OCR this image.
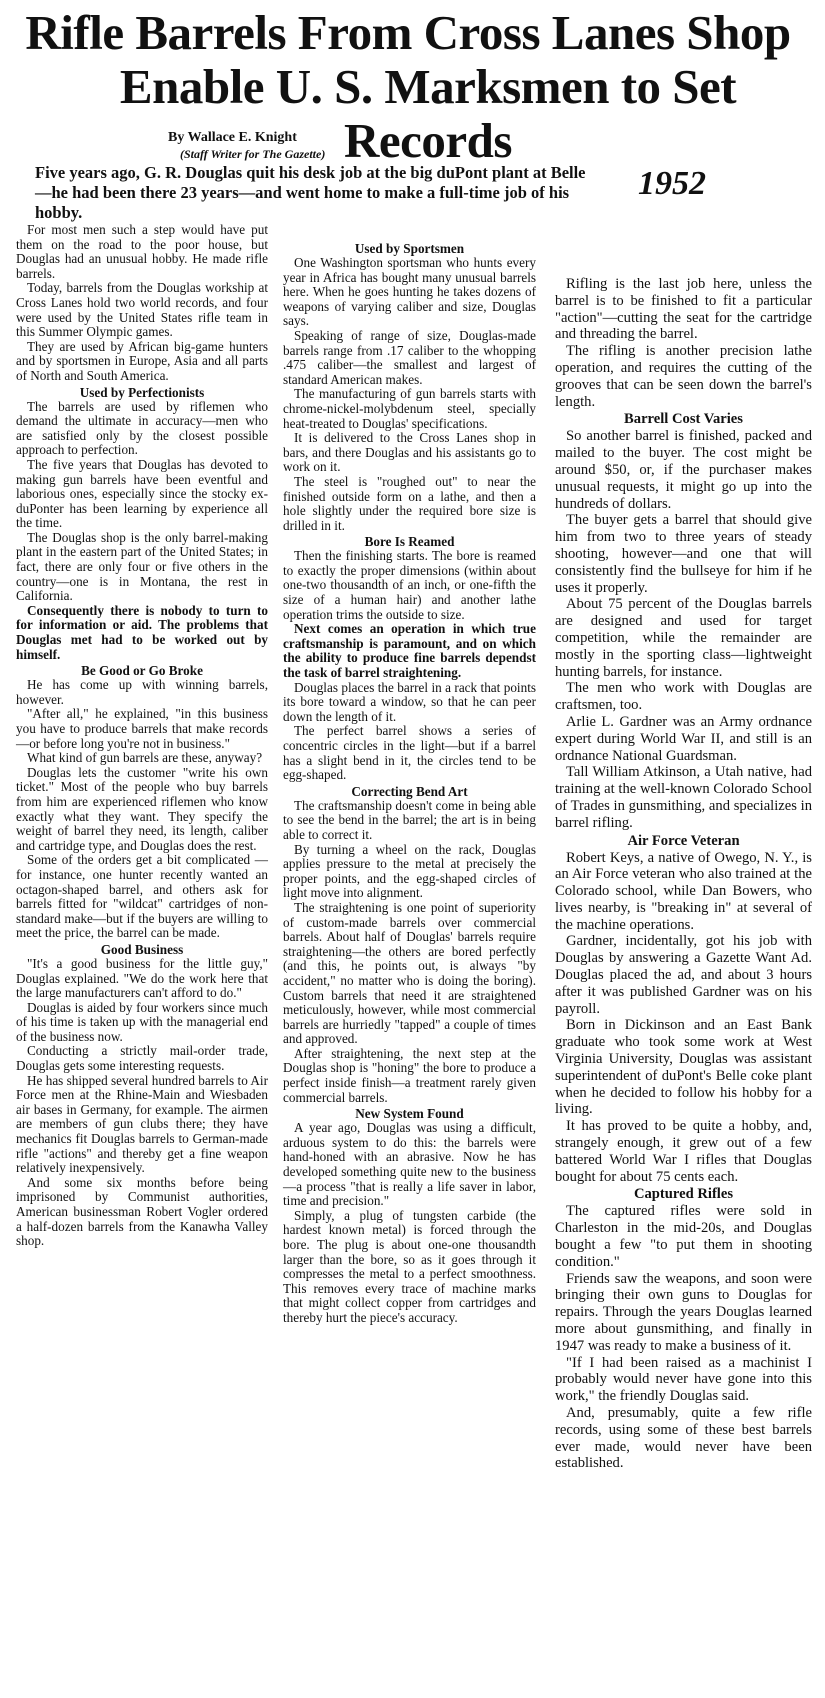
Rifle Barrels From Cross Lanes Shop

Enable U. S. Marksmen to Set Records
By Wallace E. Knight
(Staff Writer for The Gazette)
Five years ago, G. R. Douglas quit his desk job at the big duPont plant at Belle—he had been there 23 years—and went home to make a full-time job of his hobby.
1952

For most men such a step would have put them on the road to the poor house, but Douglas had an unusual hobby. He made rifle barrels.

Today, barrels from the Douglas workship at Cross Lanes hold two world records, and four were used by the United States rifle team in this Summer Olympic games.

They are used by African big-game hunters and by sportsmen in Europe, Asia and all parts of North and South America.

Used by Perfectionists

The barrels are used by riflemen who demand the ultimate in accuracy—men who are satisfied only by the closest possible approach to perfection.

The five years that Douglas has devoted to making gun barrels have been eventful and laborious ones, especially since the stocky ex-duPonter has been learning by experience all the time.

The Douglas shop is the only barrel-making plant in the eastern part of the United States; in fact, there are only four or five others in the country—one is in Montana, the rest in California.

Consequently there is nobody to turn to for information or aid. The problems that Douglas met had to be worked out by himself.

Be Good or Go Broke

He has come up with winning barrels, however.

"After all," he explained, "in this business you have to produce barrels that make records—or before long you're not in business."

What kind of gun barrels are these, anyway?

Douglas lets the customer "write his own ticket." Most of the people who buy barrels from him are experienced riflemen who know exactly what they want. They specify the weight of barrel they need, its length, caliber and cartridge type, and Douglas does the rest.

Some of the orders get a bit complicated — for instance, one hunter recently wanted an octagon-shaped barrel, and others ask for barrels fitted for "wildcat" cartridges of non-standard make—but if the buyers are willing to meet the price, the barrel can be made.

Good Business

"It's a good business for the little guy," Douglas explained. "We do the work here that the large manufacturers can't afford to do."

Douglas is aided by four workers since much of his time is taken up with the managerial end of the business now.

Conducting a strictly mail-order trade, Douglas gets some interesting requests.

He has shipped several hundred barrels to Air Force men at the Rhine-Main and Wiesbaden air bases in Germany, for example. The airmen are members of gun clubs there; they have mechanics fit Douglas barrels to German-made rifle "actions" and thereby get a fine weapon relatively inexpensively.

And some six months before being imprisoned by Communist authorities, American businessman Robert Vogler ordered a half-dozen barrels from the Kanawha Valley shop.

Used by Sportsmen

One Washington sportsman who hunts every year in Africa has bought many unusual barrels here. When he goes hunting he takes dozens of weapons of varying caliber and size, Douglas says.

Speaking of range of size, Douglas-made barrels range from .17 caliber to the whopping .475 caliber—the smallest and largest of standard American makes.

The manufacturing of gun barrels starts with chrome-nickel-molybdenum steel, specially heat-treated to Douglas' specifications.

It is delivered to the Cross Lanes shop in bars, and there Douglas and his assistants go to work on it.

The steel is "roughed out" to near the finished outside form on a lathe, and then a hole slightly under the required bore size is drilled in it.

Bore Is Reamed

Then the finishing starts. The bore is reamed to exactly the proper dimensions (within about one-two thousandth of an inch, or one-fifth the size of a human hair) and another lathe operation trims the outside to size.

Next comes an operation in which true craftsmanship is paramount, and on which the ability to produce fine barrels dependst the task of barrel straightening.

Douglas places the barrel in a rack that points its bore toward a window, so that he can peer down the length of it.

The perfect barrel shows a series of concentric circles in the light—but if a barrel has a slight bend in it, the circles tend to be egg-shaped.

Correcting Bend Art

The craftsmanship doesn't come in being able to see the bend in the barrel; the art is in being able to correct it.

By turning a wheel on the rack, Douglas applies pressure to the metal at precisely the proper points, and the egg-shaped circles of light move into alignment.

The straightening is one point of superiority of custom-made barrels over commercial barrels. About half of Douglas' barrels require straightening—the others are bored perfectly (and this, he points out, is always "by accident," no matter who is doing the boring). Custom barrels that need it are straightened meticulously, however, while most commercial barrels are hurriedly "tapped" a couple of times and approved.

After straightening, the next step at the Douglas shop is "honing" the bore to produce a perfect inside finish—a treatment rarely given commercial barrels.

New System Found

A year ago, Douglas was using a difficult, arduous system to do this: the barrels were hand-honed with an abrasive. Now he has developed something quite new to the business—a process "that is really a life saver in labor, time and precision."

Simply, a plug of tungsten carbide (the hardest known metal) is forced through the bore. The plug is about one-one thousandth larger than the bore, so as it goes through it compresses the metal to a perfect smoothness. This removes every trace of machine marks that might collect copper from cartridges and thereby hurt the piece's accuracy.

Rifling is the last job here, unless the barrel is to be finished to fit a particular "action"—cutting the seat for the cartridge and threading the barrel.

The rifling is another precision lathe operation, and requires the cutting of the grooves that can be seen down the barrel's length.

Barrell Cost Varies

So another barrel is finished, packed and mailed to the buyer. The cost might be around $50, or, if the purchaser makes unusual requests, it might go up into the hundreds of dollars.

The buyer gets a barrel that should give him from two to three years of steady shooting, however—and one that will consistently find the bullseye for him if he uses it properly.

About 75 percent of the Douglas barrels are designed and used for target competition, while the remainder are mostly in the sporting class—lightweight hunting barrels, for instance.

The men who work with Douglas are craftsmen, too.

Arlie L. Gardner was an Army ordnance expert during World War II, and still is an ordnance National Guardsman.

Tall William Atkinson, a Utah native, had training at the well-known Colorado School of Trades in gunsmithing, and specializes in barrel rifling.

Air Force Veteran

Robert Keys, a native of Owego, N. Y., is an Air Force veteran who also trained at the Colorado school, while Dan Bowers, who lives nearby, is "breaking in" at several of the machine operations.

Gardner, incidentally, got his job with Douglas by answering a Gazette Want Ad. Douglas placed the ad, and about 3 hours after it was published Gardner was on his payroll.

Born in Dickinson and an East Bank graduate who took some work at West Virginia University, Douglas was assistant superintendent of duPont's Belle coke plant when he decided to follow his hobby for a living.

It has proved to be quite a hobby, and, strangely enough, it grew out of a few battered World War I rifles that Douglas bought for about 75 cents each.

Captured Rifles

The captured rifles were sold in Charleston in the mid-20s, and Douglas bought a few "to put them in shooting condition."

Friends saw the weapons, and soon were bringing their own guns to Douglas for repairs. Through the years Douglas learned more about gunsmithing, and finally in 1947 was ready to make a business of it.

"If I had been raised as a machinist I probably would never have gone into this work," the friendly Douglas said.

And, presumably, quite a few rifle records, using some of these best barrels ever made, would never have been established.
